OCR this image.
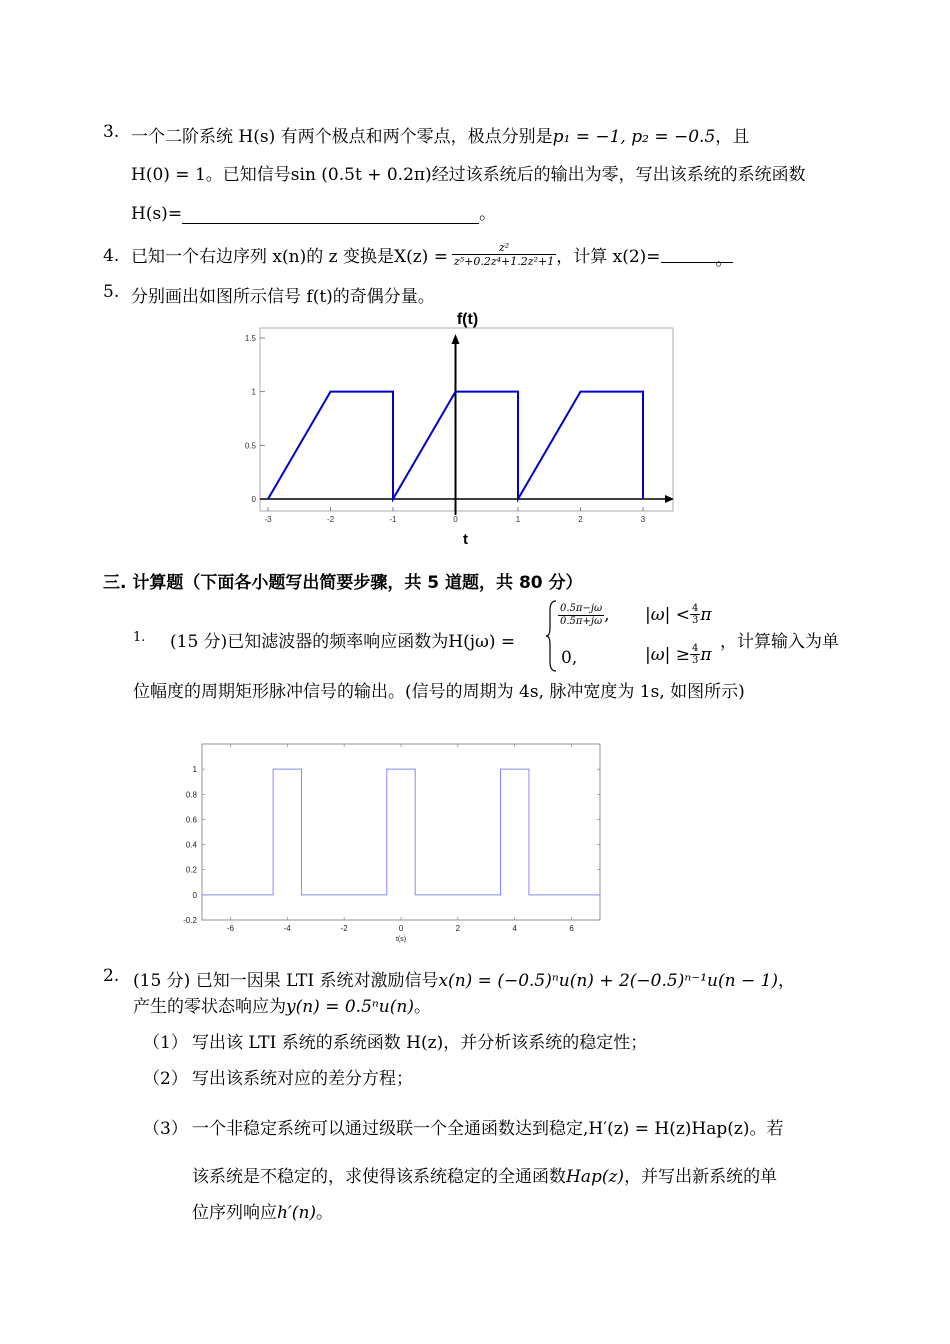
3. 一个二阶系统 H(s) 有两个极点和两个零点，极点分别是p₁ = −1, p₂ = −0.5，且
H(0) = 1。已知信号sin (0.5t + 0.2π)经过该系统后的输出为零，写出该系统的系统函数
H(s)=	。
4. 已知一个右边序列 x(n)的 z 变换是$X(z) = \frac{\text{z²}}{\text{z⁵+0.2z⁴+1.2z²+1}}$ ，计算 x(2)=	。
5. 分别画出如图所示信号 f(t)的奇偶分量。
0
0.5
1
1.5
-3	-2	-1	0	1	2	3
f(t)
t
三. 计算题（下面各小题写出简要步骤，共 5 道题，共 80 分）
1. (15 分)已知滤波器的频率响应函数为H(jω) =
$\frac{0.5\pi-j\omega}{0.5\pi+j\omega}$ , $|\omega| < \frac{4}{3}$ π
0,	$|\omega| \ge \frac{4}{3}$ π
，计算输入为单
位幅度的周期矩形脉冲信号的输出。(信号的周期为 4s, 脉冲宽度为 1s, 如图所示)
-0.2
0
0.2
0.4
0.6
0.8
1
-6	-4	-2	0	2	4	6
t(s)
2. (15 分) 已知一因果 LTI 系统对激励信号x(n) = (−0.5)ⁿu(n) + 2(−0.5)ⁿ⁻¹u(n − 1)，
产生的零状态响应为y(n) = 0.5ⁿu(n)。
（1） 写出该 LTI 系统的系统函数 H(z)，并分析该系统的稳定性；
（2） 写出该系统对应的差分方程；
（3） 一个非稳定系统可以通过级联一个全通函数达到稳定,H′(z) = H(z)Hap(z)。若
该系统是不稳定的，求使得该系统稳定的全通函数Hap(z)，并写出新系统的单
位序列响应h′(n)。
